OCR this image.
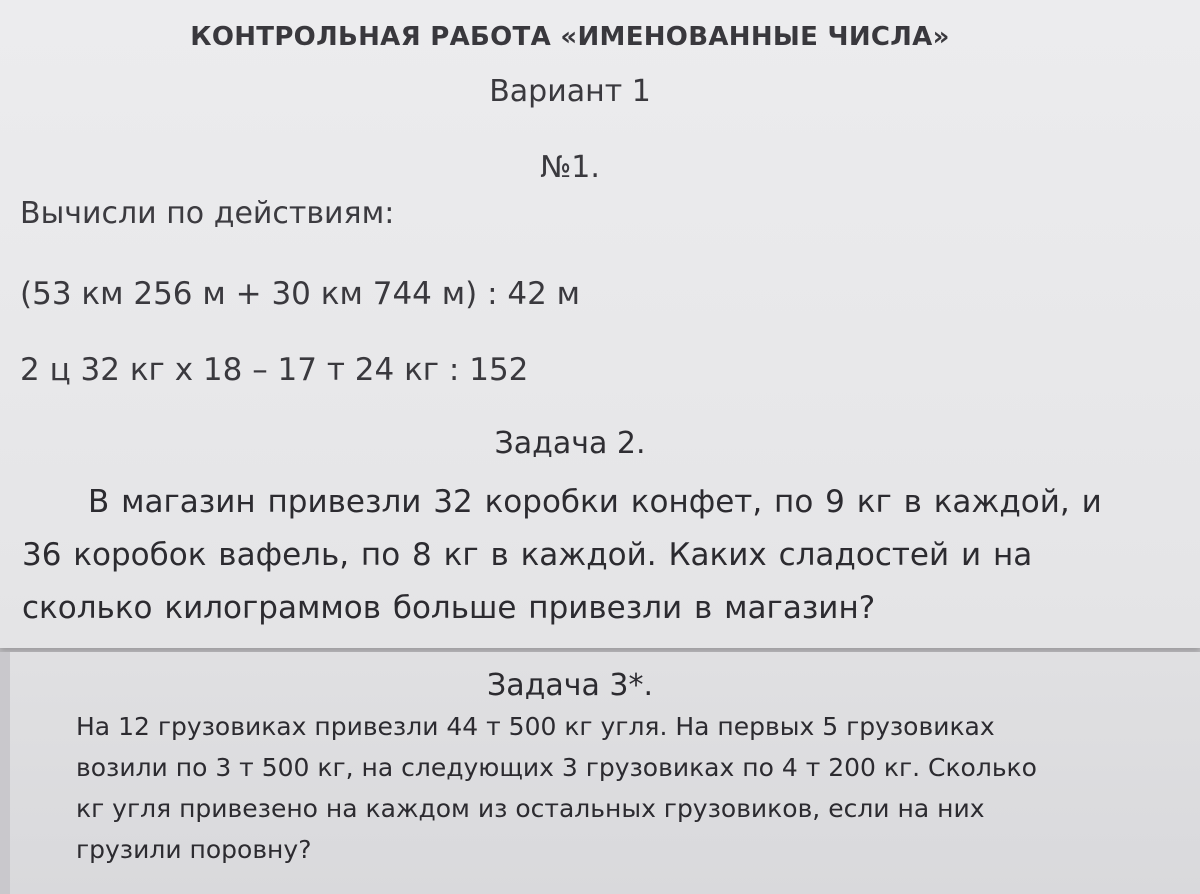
КОНТРОЛЬНАЯ РАБОТА «ИМЕНОВАННЫЕ ЧИСЛА»
Вариант 1
№1.
Вычисли по действиям:
(53 км 256 м + 30 км 744 м) : 42 м
2 ц 32 кг х 18 – 17 т 24 кг : 152
Задача 2.
В магазин привезли 32 коробки конфет, по 9 кг в каждой, и
36 коробок вафель, по 8 кг в каждой. Каких сладостей и на
сколько килограммов больше привезли в магазин?
Задача 3*.
На 12 грузовиках привезли 44 т 500 кг угля. На первых 5 грузовиках
возили по 3 т 500 кг, на следующих 3 грузовиках по 4 т 200 кг. Сколько
кг угля привезено на каждом из остальных грузовиков, если на них
грузили поровну?
